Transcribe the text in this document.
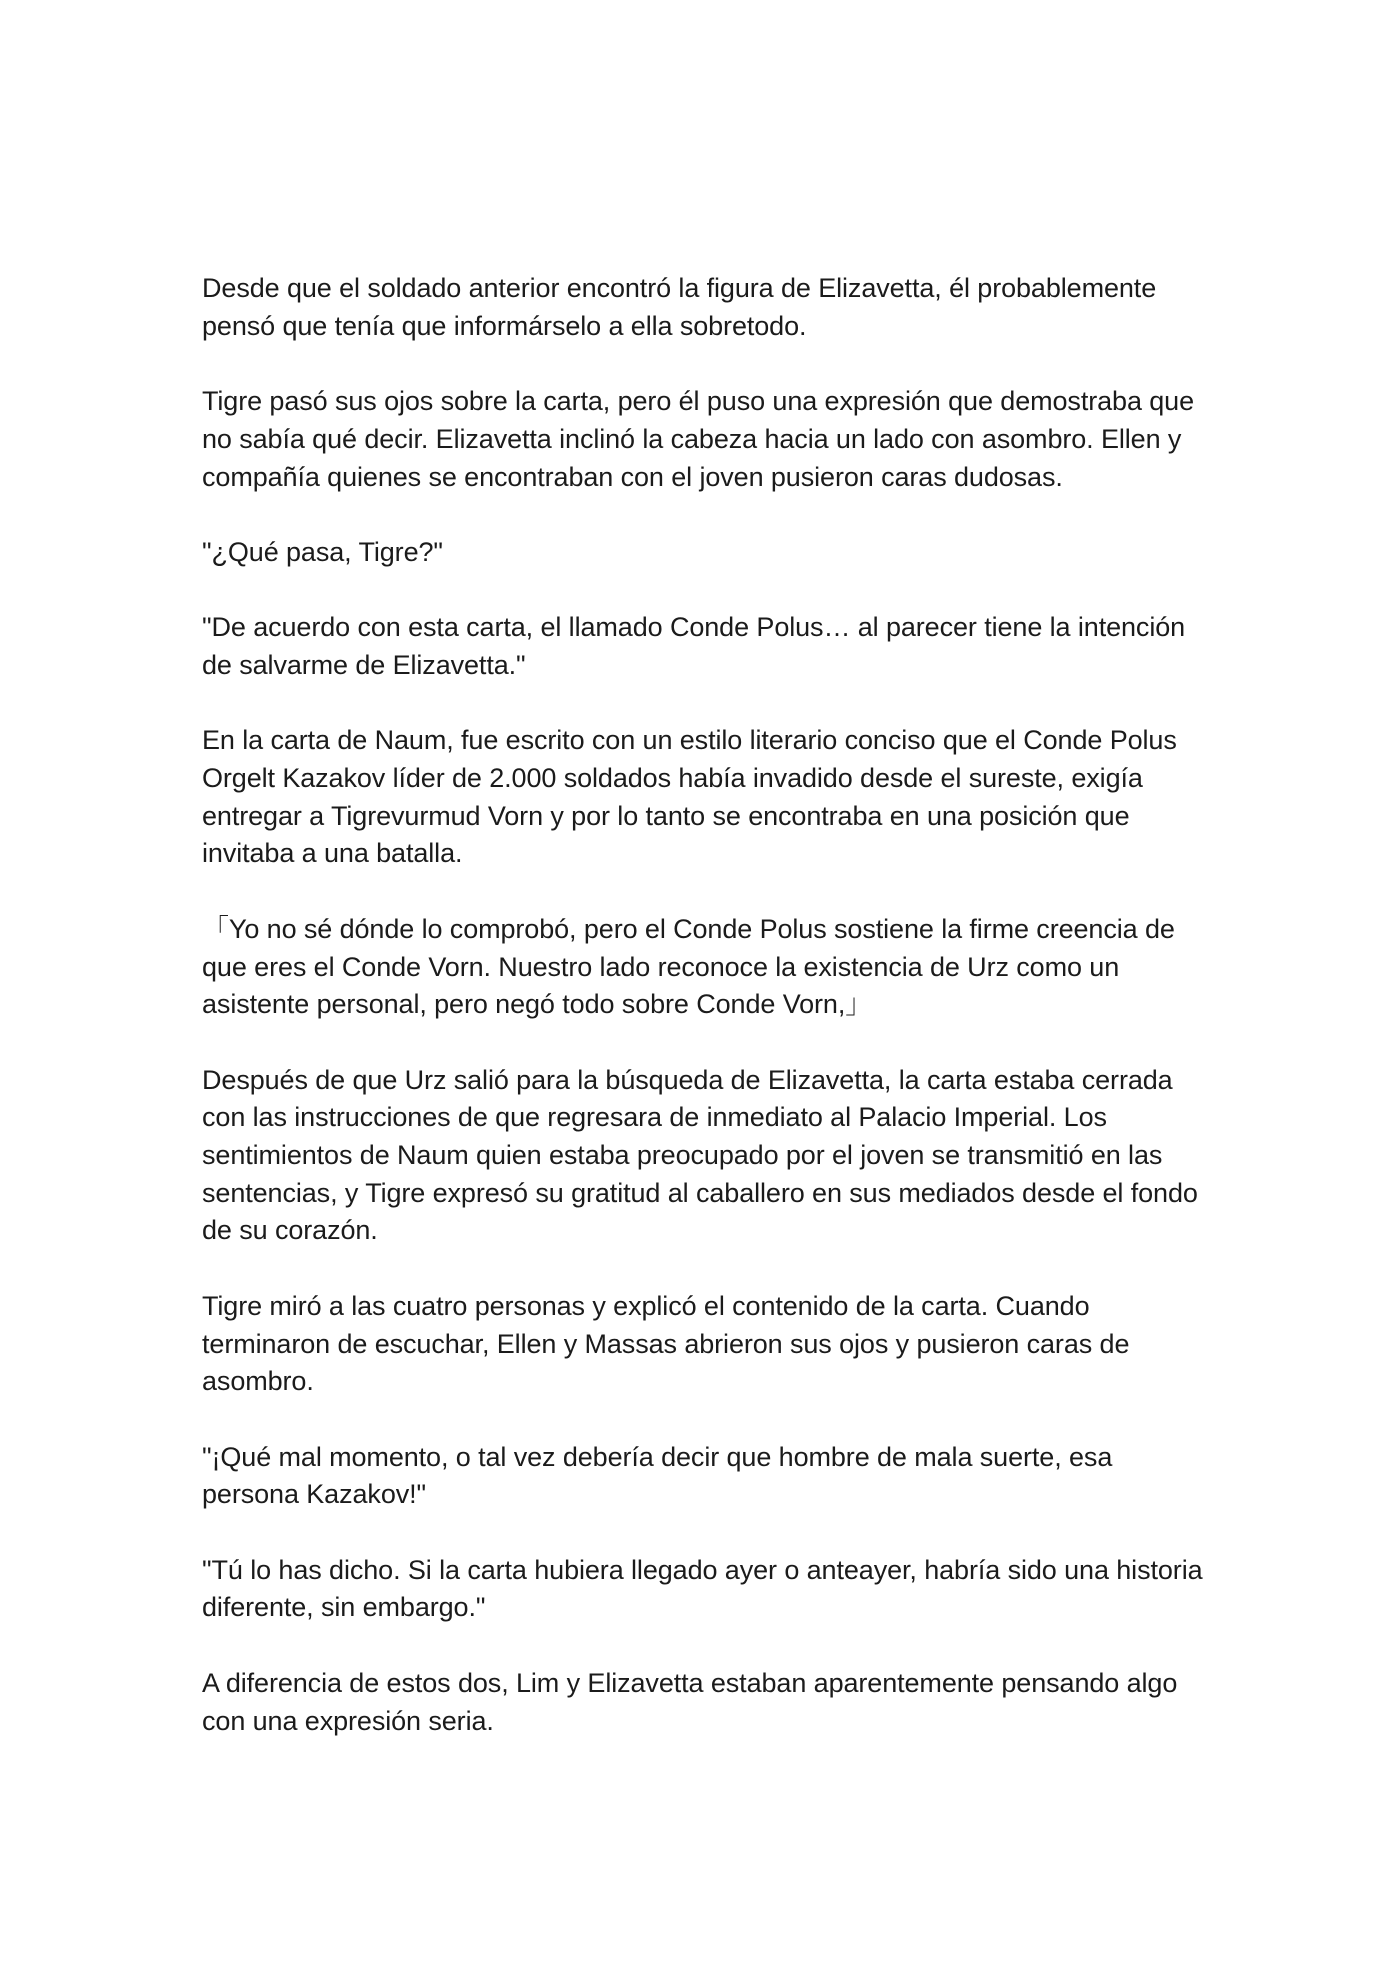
Desde que el soldado anterior encontró la figura de Elizavetta, él probablemente pensó que tenía que informárselo a ella sobretodo.

Tigre pasó sus ojos sobre la carta, pero él puso una expresión que demostraba que no sabía qué decir. Elizavetta inclinó la cabeza hacia un lado con asombro. Ellen y compañía quienes se encontraban con el joven pusieron caras dudosas.

"¿Qué pasa, Tigre?"

"De acuerdo con esta carta, el llamado Conde Polus… al parecer tiene la intención de salvarme de Elizavetta."

En la carta de Naum, fue escrito con un estilo literario conciso que el Conde Polus Orgelt Kazakov líder de 2.000 soldados había invadido desde el sureste, exigía entregar a Tigrevurmud Vorn y por lo tanto se encontraba en una posición que invitaba a una batalla.

「Yo no sé dónde lo comprobó, pero el Conde Polus sostiene la firme creencia de que eres el Conde Vorn. Nuestro lado reconoce la existencia de Urz como un asistente personal, pero negó todo sobre Conde Vorn,」

Después de que Urz salió para la búsqueda de Elizavetta, la carta estaba cerrada con las instrucciones de que regresara de inmediato al Palacio Imperial. Los sentimientos de Naum quien estaba preocupado por el joven se transmitió en las sentencias, y Tigre expresó su gratitud al caballero en sus mediados desde el fondo de su corazón.

Tigre miró a las cuatro personas y explicó el contenido de la carta. Cuando terminaron de escuchar, Ellen y Massas abrieron sus ojos y pusieron caras de asombro.

"¡Qué mal momento, o tal vez debería decir que hombre de mala suerte, esa persona Kazakov!"

"Tú lo has dicho. Si la carta hubiera llegado ayer o anteayer, habría sido una historia diferente, sin embargo."

A diferencia de estos dos, Lim y Elizavetta estaban aparentemente pensando algo con una expresión seria.
